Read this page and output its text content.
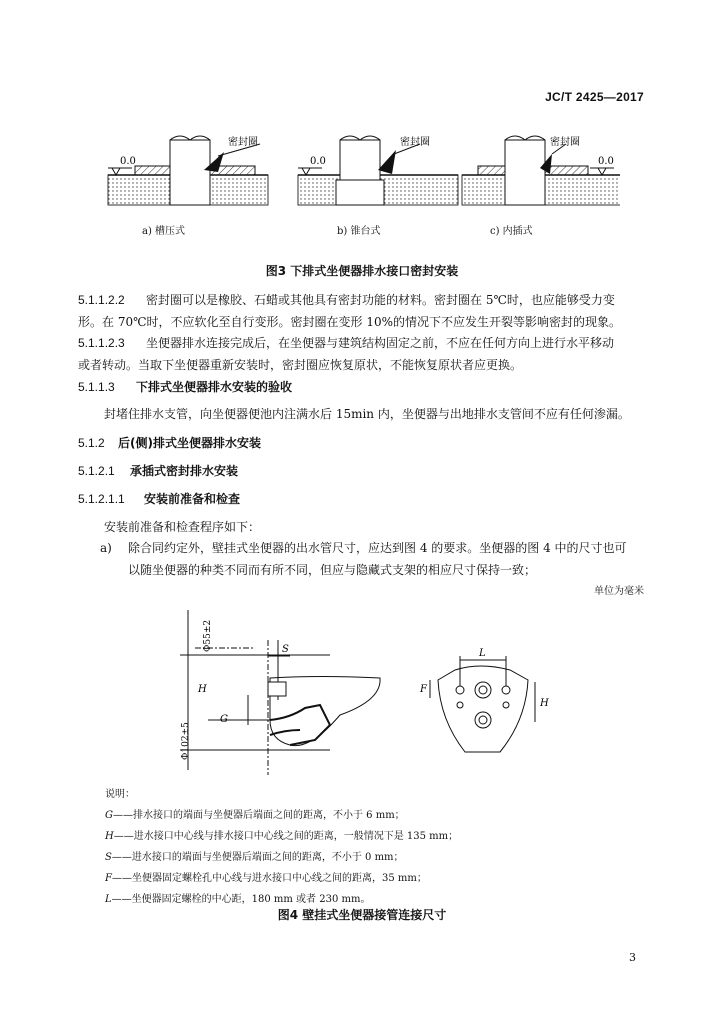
JC/T 2425—2017
0.0
密封圈
0.0
密封圈
0.0
密封圈
a) 槽压式	b) 锥台式	c) 内插式
图3 下排式坐便器排水接口密封安装
5.1.1.2.2 密封圈可以是橡胶、石蜡或其他具有密封功能的材料。密封圈在 5℃时，也应能够受力变
形。在 70℃时，不应软化至自行变形。密封圈在变形 10%的情况下不应发生开裂等影响密封的现象。
5.1.1.2.3 坐便器排水连接完成后，在坐便器与建筑结构固定之前，不应在任何方向上进行水平移动
或者转动。当取下坐便器重新安装时，密封圈应恢复原状，不能恢复原状者应更换。
5.1.1.3 下排式坐便器排水安装的验收
封堵住排水支管，向坐便器便池内注满水后 15min 内，坐便器与出地排水支管间不应有任何渗漏。
5.1.2 后(侧)排式坐便器排水安装
5.1.2.1 承插式密封排水安装
5.1.2.1.1 安装前准备和检查
安装前准备和检查程序如下：
a) 除合同约定外，壁挂式坐便器的出水管尺寸，应达到图 4 的要求。坐便器的图 4 中的尺寸也可
以随坐便器的种类不同而有所不同，但应与隐藏式支架的相应尺寸保持一致；
单位为毫米
H
G
S
Φ55±2
Φ102±5
L
F
H
说明：
G——排水接口的端面与坐便器后端面之间的距离，不小于 6 mm；
H——进水接口中心线与排水接口中心线之间的距离，一般情况下是 135 mm；
S——进水接口的端面与坐便器后端面之间的距离，不小于 0 mm；
F——坐便器固定螺栓孔中心线与进水接口中心线之间的距离，35 mm；
L——坐便器固定螺栓的中心距，180 mm 或者 230 mm。
图4 壁挂式坐便器接管连接尺寸
3
